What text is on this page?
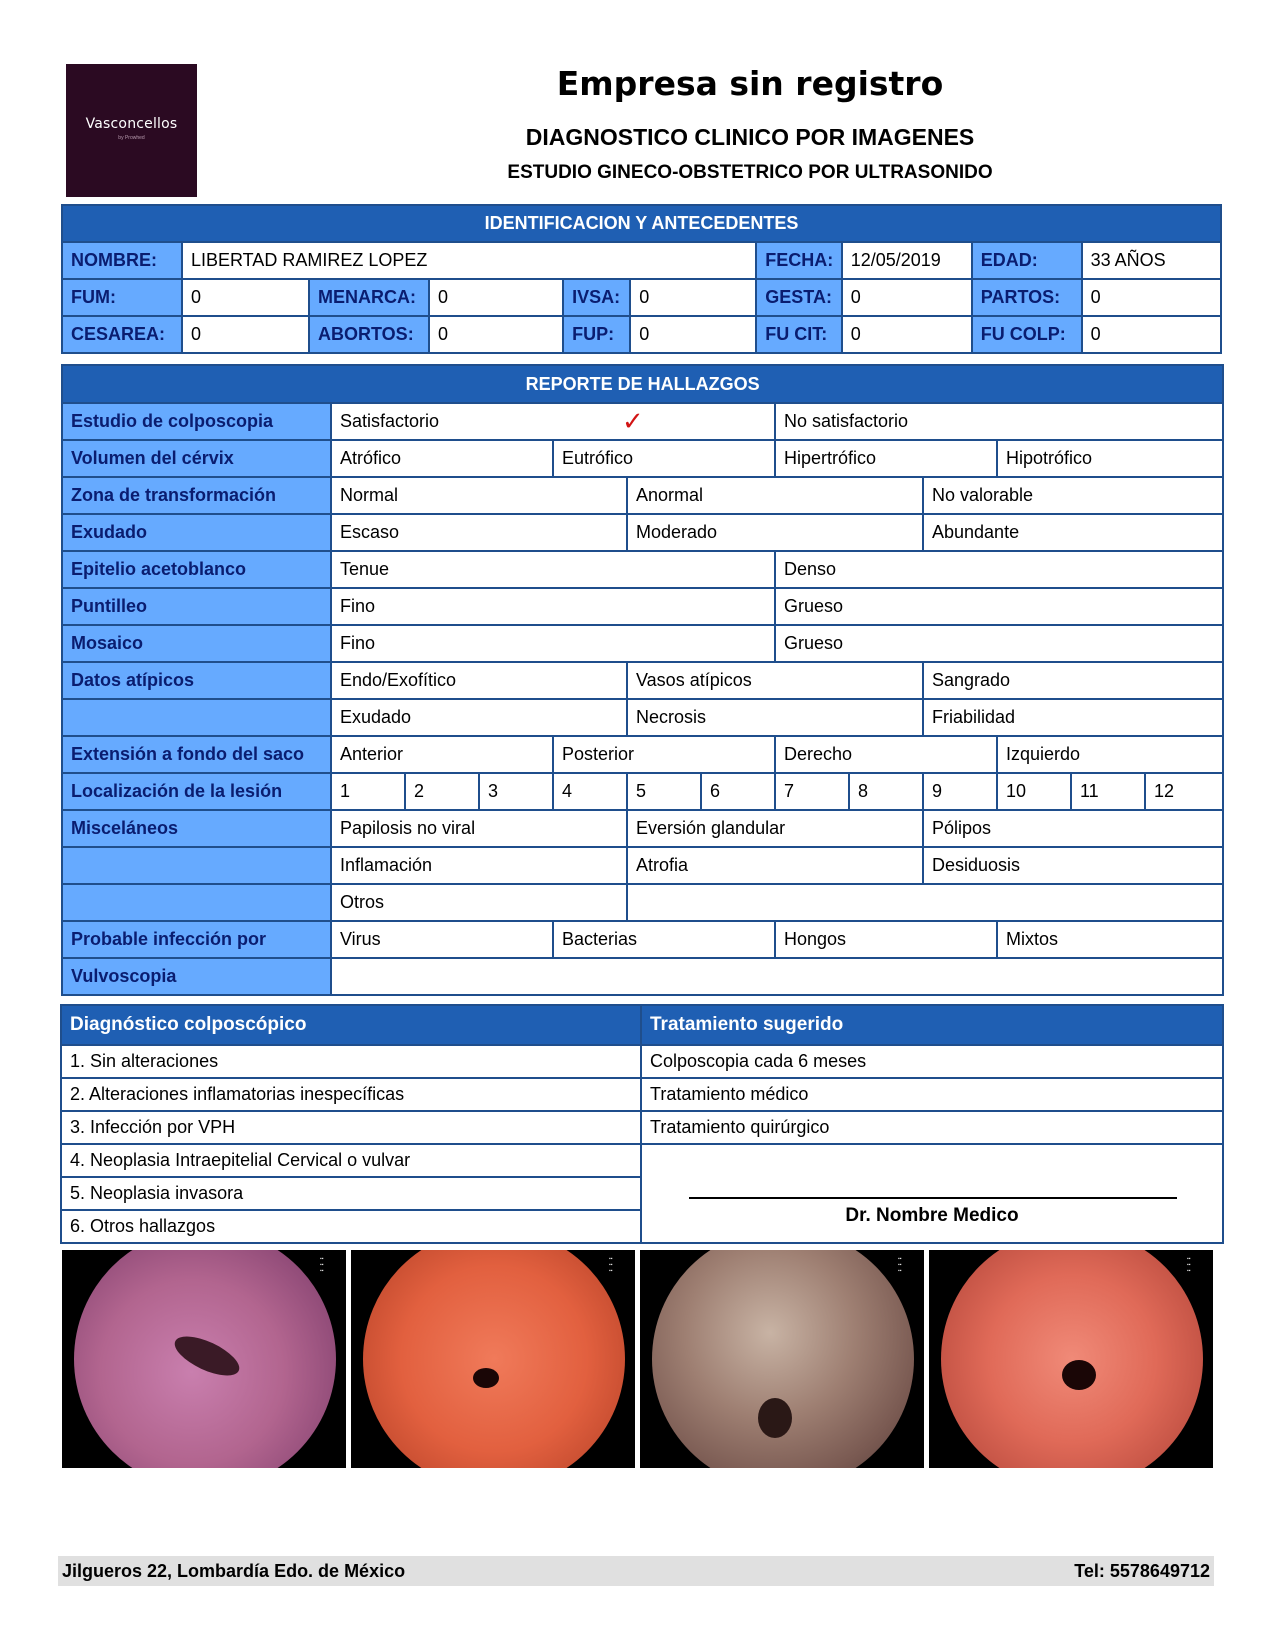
Vasconcellos
by Prowhed
Empresa sin registro
DIAGNOSTICO CLINICO POR IMAGENES
ESTUDIO GINECO-OBSTETRICO POR ULTRASONIDO
IDENTIFICACION Y ANTECEDENTES									
NOMBRE:	LIBERTAD RAMIREZ LOPEZ					FECHA:	12/05/2019	EDAD:	33 AÑOS
FUM:	0	MENARCA:	0	IVSA:	0	GESTA:	0	PARTOS:	0
CESAREA:	0	ABORTOS:	0	FUP:	0	FU CIT:	0	FU COLP:	0
REPORTE DE HALLAZGOS												
Estudio de colposcopia	Satisfactorio ✓						No satisfactorio					
Volumen del cérvix	Atrófico			Eutrófico			Hipertrófico			Hipotrófico		
Zona de transformación	Normal				Anormal				No valorable			
Exudado	Escaso				Moderado				Abundante			
Epitelio acetoblanco	Tenue						Denso					
Puntilleo	Fino						Grueso					
Mosaico	Fino						Grueso					
Datos atípicos	Endo/Exofítico				Vasos atípicos				Sangrado			
	Exudado				Necrosis				Friabilidad			
Extensión a fondo del saco	Anterior			Posterior			Derecho			Izquierdo		
Localización de la lesión	1	2	3	4	5	6	7	8	9	10	11	12
Misceláneos	Papilosis no viral				Eversión glandular				Pólipos			
	Inflamación				Atrofia				Desiduosis			
	Otros											
Probable infección por	Virus			Bacterias			Hongos			Mixtos		
Vulvoscopia												
Diagnóstico colposcópico	Tratamiento sugerido
1. Sin alteraciones	Colposcopia cada 6 meses
2. Alteraciones inflamatorias inespecíficas	Tratamiento médico
3. Infección por VPH	Tratamiento quirúrgico
4. Neoplasia Intraepitelial Cervical o vulvar	Dr. Nombre Medico

5. Neoplasia invasora	
6. Otros hallazgos	
▪▪
▪▪
▪▪
▪▪
▪▪
▪▪
▪▪
▪▪
▪▪
▪▪
▪▪
▪▪
Jilgueros 22, Lombardía Edo. de México	Tel: 5578649712
